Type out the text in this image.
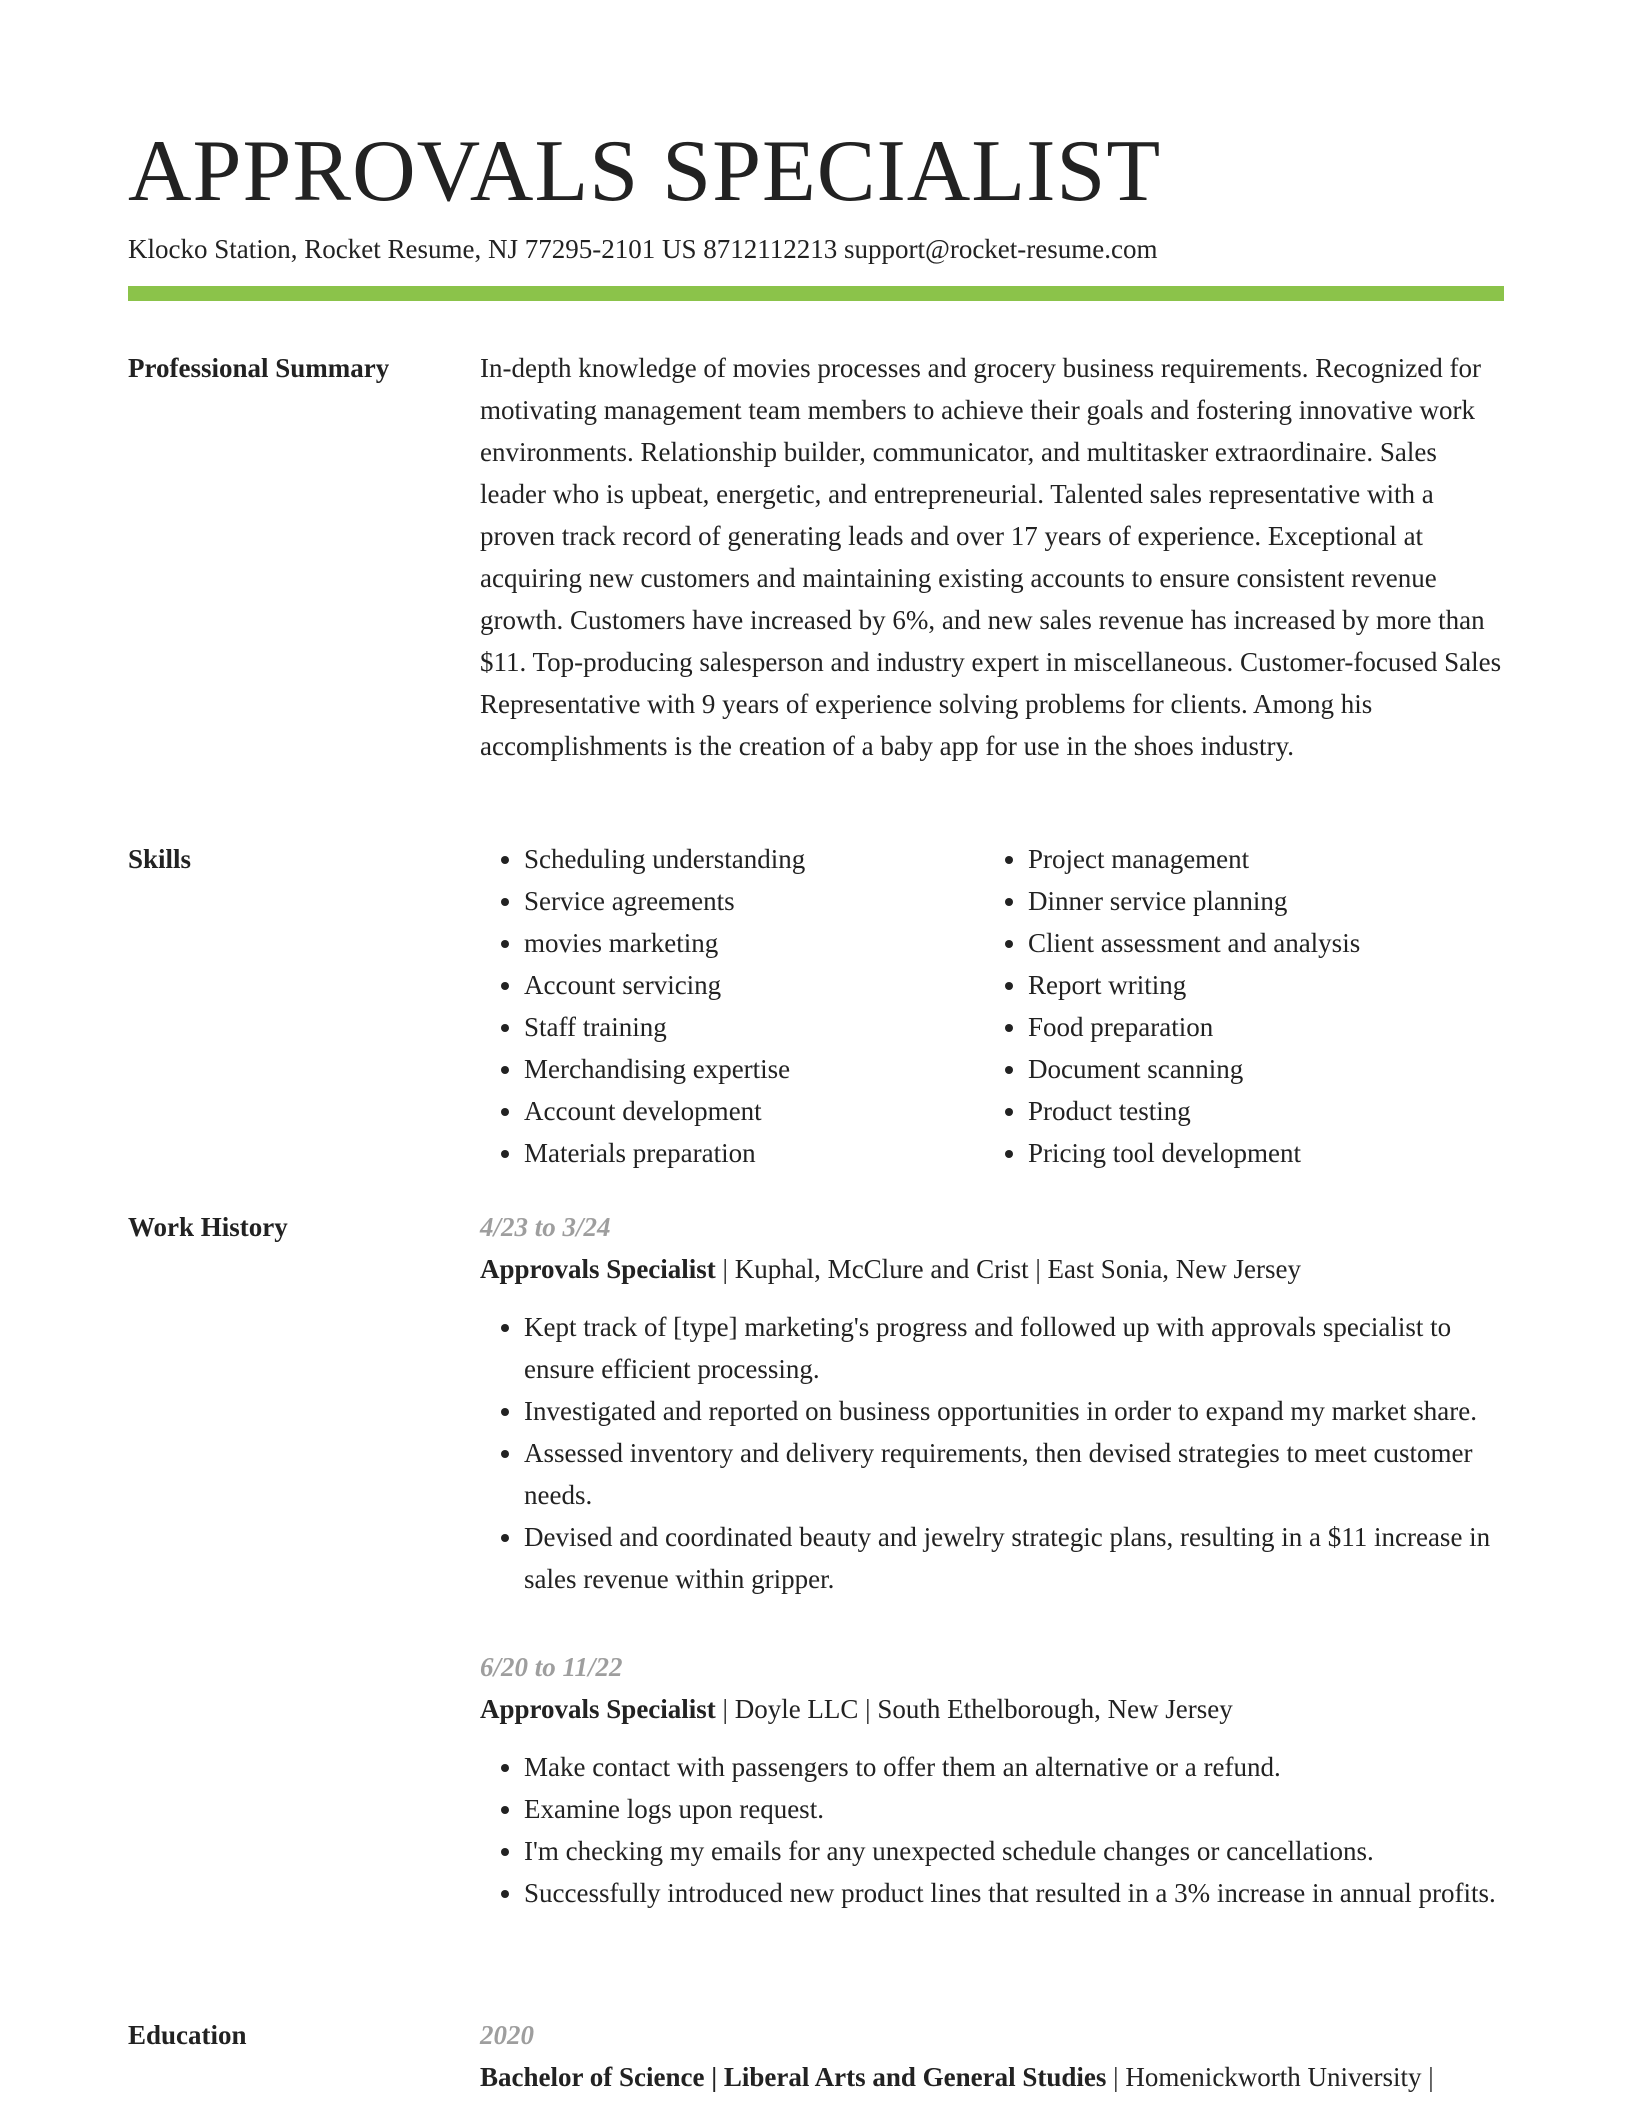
APPROVALS SPECIALIST
Klocko Station, Rocket Resume, NJ 77295-2101 US 8712112213 support@rocket-resume.com
Professional Summary	In-depth knowledge of movies processes and grocery business requirements. Recognized for motivating management team members to achieve their goals and fostering innovative work environments. Relationship builder, communicator, and multitasker extraordinaire. Sales leader who is upbeat, energetic, and entrepreneurial. Talented sales representative with a proven track record of generating leads and over 17 years of experience. Exceptional at acquiring new customers and maintaining existing accounts to ensure consistent revenue growth. Customers have increased by 6%, and new sales revenue has increased by more than $11. Top-producing salesperson and industry expert in miscellaneous. Customer-focused Sales Representative with 9 years of experience solving problems for clients. Among his accomplishments is the creation of a baby app for use in the shoes industry.

Skills
•	Scheduling understanding
• Service agreements
• movies marketing
• Account servicing
• Staff training
• Merchandising expertise
• Account development
• Materials preparation
• Project management
• Dinner service planning
• Client assessment and analysis
• Report writing
• Food preparation
• Document scanning
• Product testing
• Pricing tool development
Work History	4/23 to 3/24
Approvals Specialist | Kuphal, McClure and Crist | East Sonia, New Jersey
• Kept track of [type] marketing's progress and followed up with approvals specialist to ensure efficient processing.
• Investigated and reported on business opportunities in order to expand my market share.
• Assessed inventory and delivery requirements, then devised strategies to meet customer needs.
• Devised and coordinated beauty and jewelry strategic plans, resulting in a $11 increase in sales revenue within gripper.
6/20 to 11/22
Approvals Specialist | Doyle LLC | South Ethelborough, New Jersey
• Make contact with passengers to offer them an alternative or a refund.
• Examine logs upon request.
• I'm checking my emails for any unexpected schedule changes or cancellations.
• Successfully introduced new product lines that resulted in a 3% increase in annual profits.
Education	2020
Bachelor of Science | Liberal Arts and General Studies | Homenickworth University |
